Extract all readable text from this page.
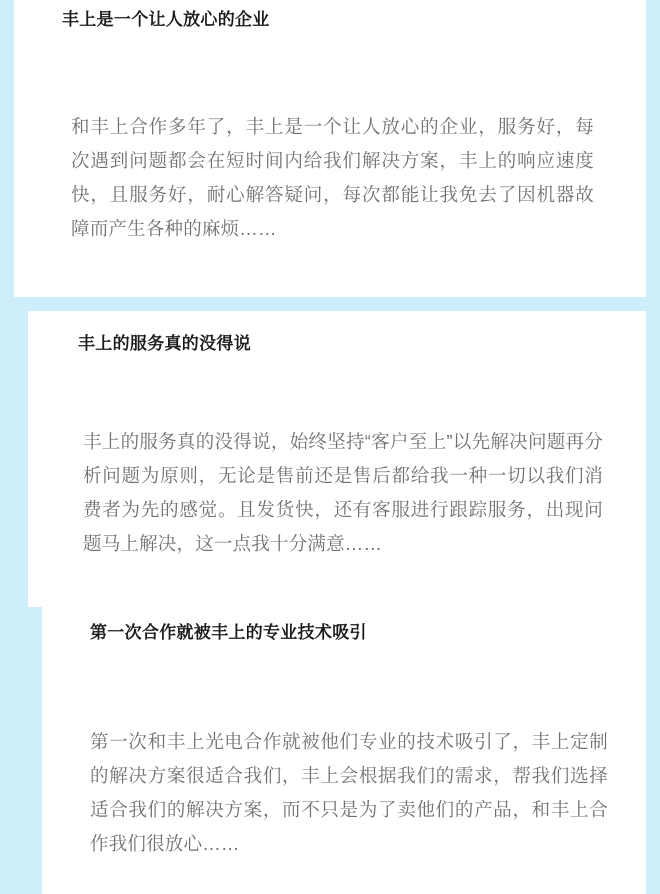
丰上是一个让人放心的企业
和丰上合作多年了，丰上是一个让人放心的企业，服务好，每次遇到问题都会在短时间内给我们解决方案，丰上的响应速度快，且服务好，耐心解答疑问，每次都能让我免去了因机器故障而产生各种的麻烦……
丰上的服务真的没得说
丰上的服务真的没得说，始终坚持“客户至上”以先解决问题再分析问题为原则，无论是售前还是售后都给我一种一切以我们消费者为先的感觉。且发货快，还有客服进行跟踪服务，出现问题马上解决，这一点我十分满意……
第一次合作就被丰上的专业技术吸引
第一次和丰上光电合作就被他们专业的技术吸引了，丰上定制的解决方案很适合我们，丰上会根据我们的需求，帮我们选择适合我们的解决方案，而不只是为了卖他们的产品，和丰上合作我们很放心……
